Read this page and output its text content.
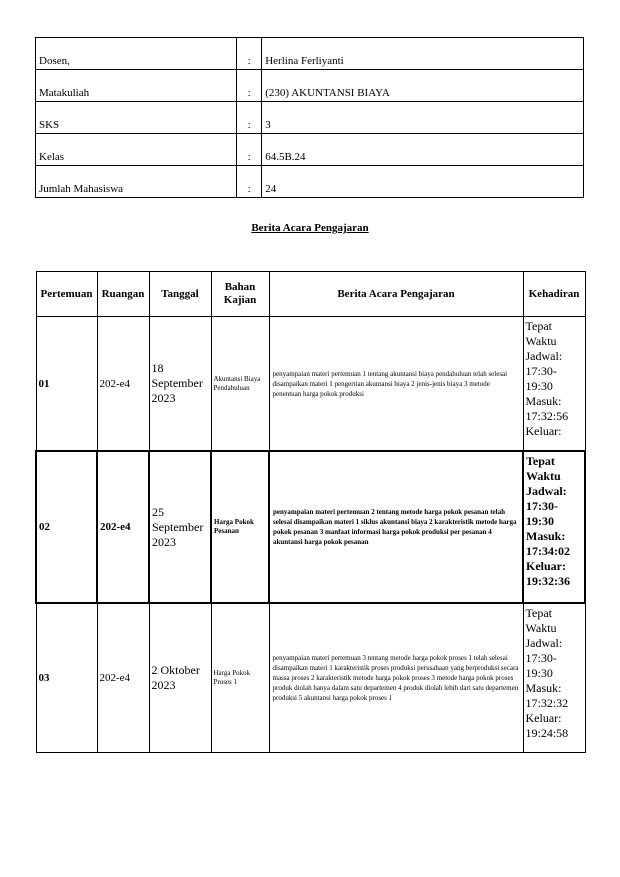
Dosen,	:	Herlina Ferliyanti
Matakuliah	:	(230) AKUNTANSI BIAYA
SKS	:	3
Kelas	:	64.5B.24
Jumlah Mahasiswa	:	24
Berita Acara Pengajaran
Pertemuan	Ruangan	Tanggal	Bahan Kajian	Berita Acara Pengajaran	Kehadiran
01	202-e4	18 September 2023	Akuntansi Biaya Pendahuluan	penyampaian materi pertemuan 1 tentang akuntansi biaya pendahuluan telah selesai disampaikan materi 1 pengertian akuntansi biaya 2 jenis-jenis biaya 3 metode penentuan harga pokok produksi	Tepat Waktu Jadwal: 17:30-19:30 Masuk: 17:32:56 Keluar:
02	202-e4	25 September 2023	Harga Pokok Pesanan	penyampaian materi pertemuan 2 tentang metode harga pokok pesanan telah selesai disampaikan materi 1 siklus akuntansi biaya 2 karakteristik metode harga pokok pesanan 3 manfaat informasi harga pokok produksi per pesanan 4 akuntansi harga pokok pesanan	Tepat Waktu Jadwal: 17:30-19:30 Masuk: 17:34:02 Keluar: 19:32:36
03	202-e4	2 Oktober 2023	Harga Pokok Proses 1	penyampaian materi pertemuan 3 tentang metode harga pokok proses 1 telah selesai disampaikan materi 1 karakteristik proses produksi perusahaan yang berproduksi secara massa proses 2 karakteristik metode harga pokok proses 3 metode harga pokok proses produk diolah hanya dalam satu departemen 4 produk diolah lebih dari satu departemen produksi 5 akuntansi harga pokok proses 1	Tepat Waktu Jadwal: 17:30-19:30 Masuk: 17:32:32 Keluar: 19:24:58
